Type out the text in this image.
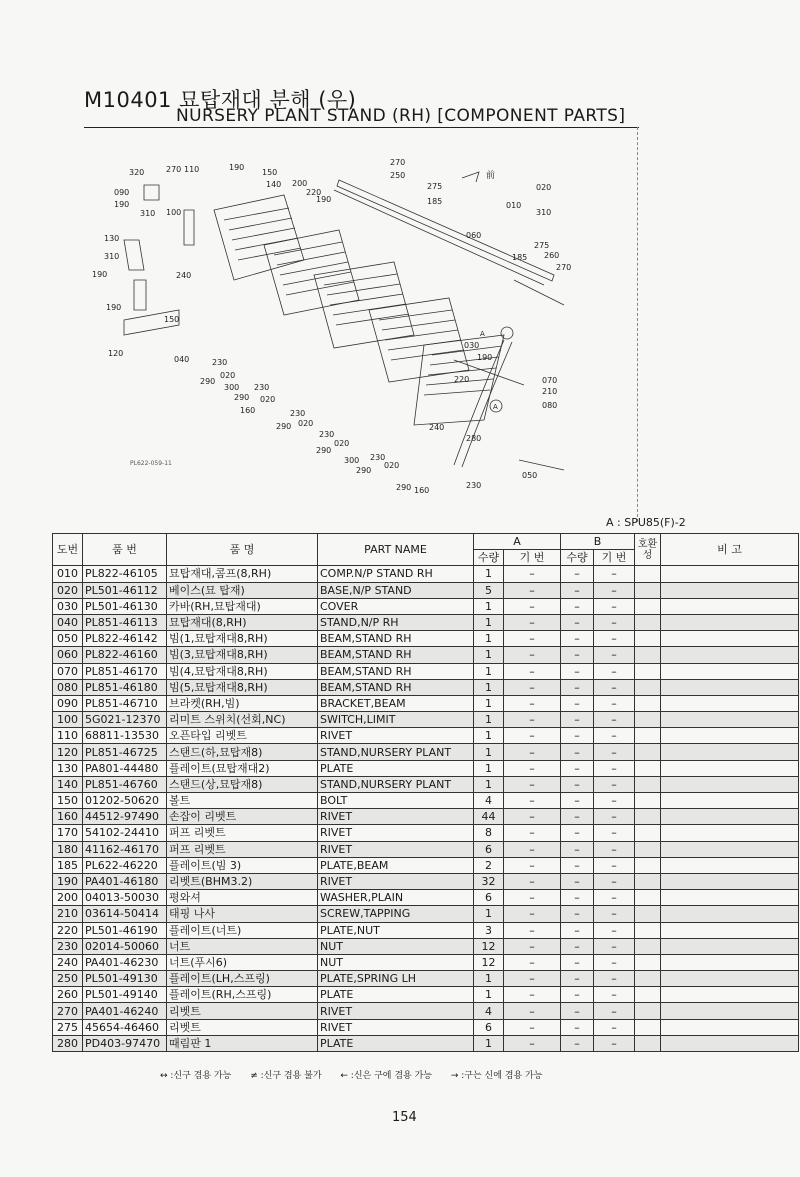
M10401 묘탑재대 분해 (우)
NURSERY PLANT STAND (RH) [COMPONENT PARTS]
320	270 110	190
150
140 200
220
190
090
190
310 100
130
310
190	240
270
250
275
185
060
010
020
310
275
185 260
270
190
150
120
040	230
020
290
300 230
290 020
160	230
290 020
030
190
220	070
210
080
240
280
230
020
290
300 230
290
020
050
290 160
230
A
A
前
PL622-059-11
A : SPU85(F)-2
도번	품 번	품 명	PART NAME	A		B		호환성	비 고
				수량	기 번	수량	기 번		
010	PL822-46105	묘탑재대,콤프(8,RH)	COMP.N/P STAND RH	1	–	–	–		
020	PL501-46112	베이스(묘 탑재)	BASE,N/P STAND	5	–	–	–		
030	PL501-46130	카바(RH,묘탑재대)	COVER	1	–	–	–		
040	PL851-46113	묘탑재대(8,RH)	STAND,N/P RH	1	–	–	–		
050	PL822-46142	빔(1,묘탑재대8,RH)	BEAM,STAND RH	1	–	–	–		
060	PL822-46160	빔(3,묘탑재대8,RH)	BEAM,STAND RH	1	–	–	–		
070	PL851-46170	빔(4,묘탑재대8,RH)	BEAM,STAND RH	1	–	–	–		
080	PL851-46180	빔(5,묘탑재대8,RH)	BEAM,STAND RH	1	–	–	–		
090	PL851-46710	브라켓(RH,빔)	BRACKET,BEAM	1	–	–	–		
100	5G021-12370	리미트 스위치(선회,NC)	SWITCH,LIMIT	1	–	–	–		
110	68811-13530	오픈타입 리벳트	RIVET	1	–	–	–		
120	PL851-46725	스탠드(하,묘탑재8)	STAND,NURSERY PLANT	1	–	–	–		
130	PA801-44480	플레이트(묘탑재대2)	PLATE	1	–	–	–		
140	PL851-46760	스탠드(상,묘탑재8)	STAND,NURSERY PLANT	1	–	–	–		
150	01202-50620	볼트	BOLT	4	–	–	–		
160	44512-97490	손잡이 리벳트	RIVET	44	–	–	–		
170	54102-24410	퍼프 리벳트	RIVET	8	–	–	–		
180	41162-46170	퍼프 리벳트	RIVET	6	–	–	–		
185	PL622-46220	플레이트(빔 3)	PLATE,BEAM	2	–	–	–		
190	PA401-46180	리벳트(BHM3.2)	RIVET	32	–	–	–		
200	04013-50030	평와셔	WASHER,PLAIN	6	–	–	–		
210	03614-50414	태핑 나사	SCREW,TAPPING	1	–	–	–		
220	PL501-46190	플레이트(너트)	PLATE,NUT	3	–	–	–		
230	02014-50060	너트	NUT	12	–	–	–		
240	PA401-46230	너트(푸시6)	NUT	12	–	–	–		
250	PL501-49130	플레이트(LH,스프링)	PLATE,SPRING LH	1	–	–	–		
260	PL501-49140	플레이트(RH,스프링)	PLATE	1	–	–	–		
270	PA401-46240	리벳트	RIVET	4	–	–	–		
275	45654-46460	리벳트	RIVET	6	–	–	–		
280	PD403-97470	때림판 1	PLATE	1	–	–	–		
↔ :신구 겸용 가능 ≠ :신구 겸용 불가 ← :신은 구에 겸용 가능 → :구는 신에 겸용 가능
154
